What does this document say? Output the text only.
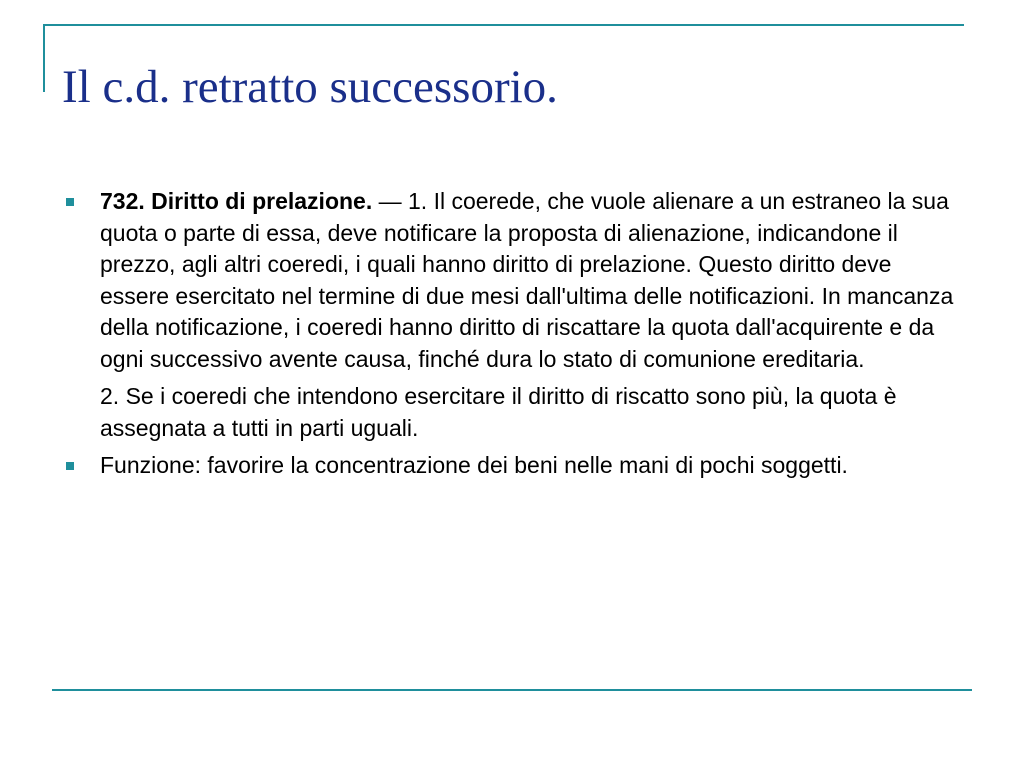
Il c.d. retratto successorio.

732. Diritto di prelazione. — 1. Il coerede, che vuole alienare a un estraneo la sua quota o parte di essa, deve notificare la proposta di alienazione, indicandone il prezzo, agli altri coeredi, i quali hanno diritto di prelazione. Questo diritto deve essere esercitato nel termine di due mesi dall'ultima delle notificazioni. In mancanza della notificazione, i coeredi hanno diritto di riscattare la quota dall'acquirente e da ogni successivo avente causa, finché dura lo stato di comunione ereditaria.

2. Se i coeredi che intendono esercitare il diritto di riscatto sono più, la quota è assegnata a tutti in parti uguali.

Funzione: favorire la concentrazione dei beni nelle mani di pochi soggetti.
